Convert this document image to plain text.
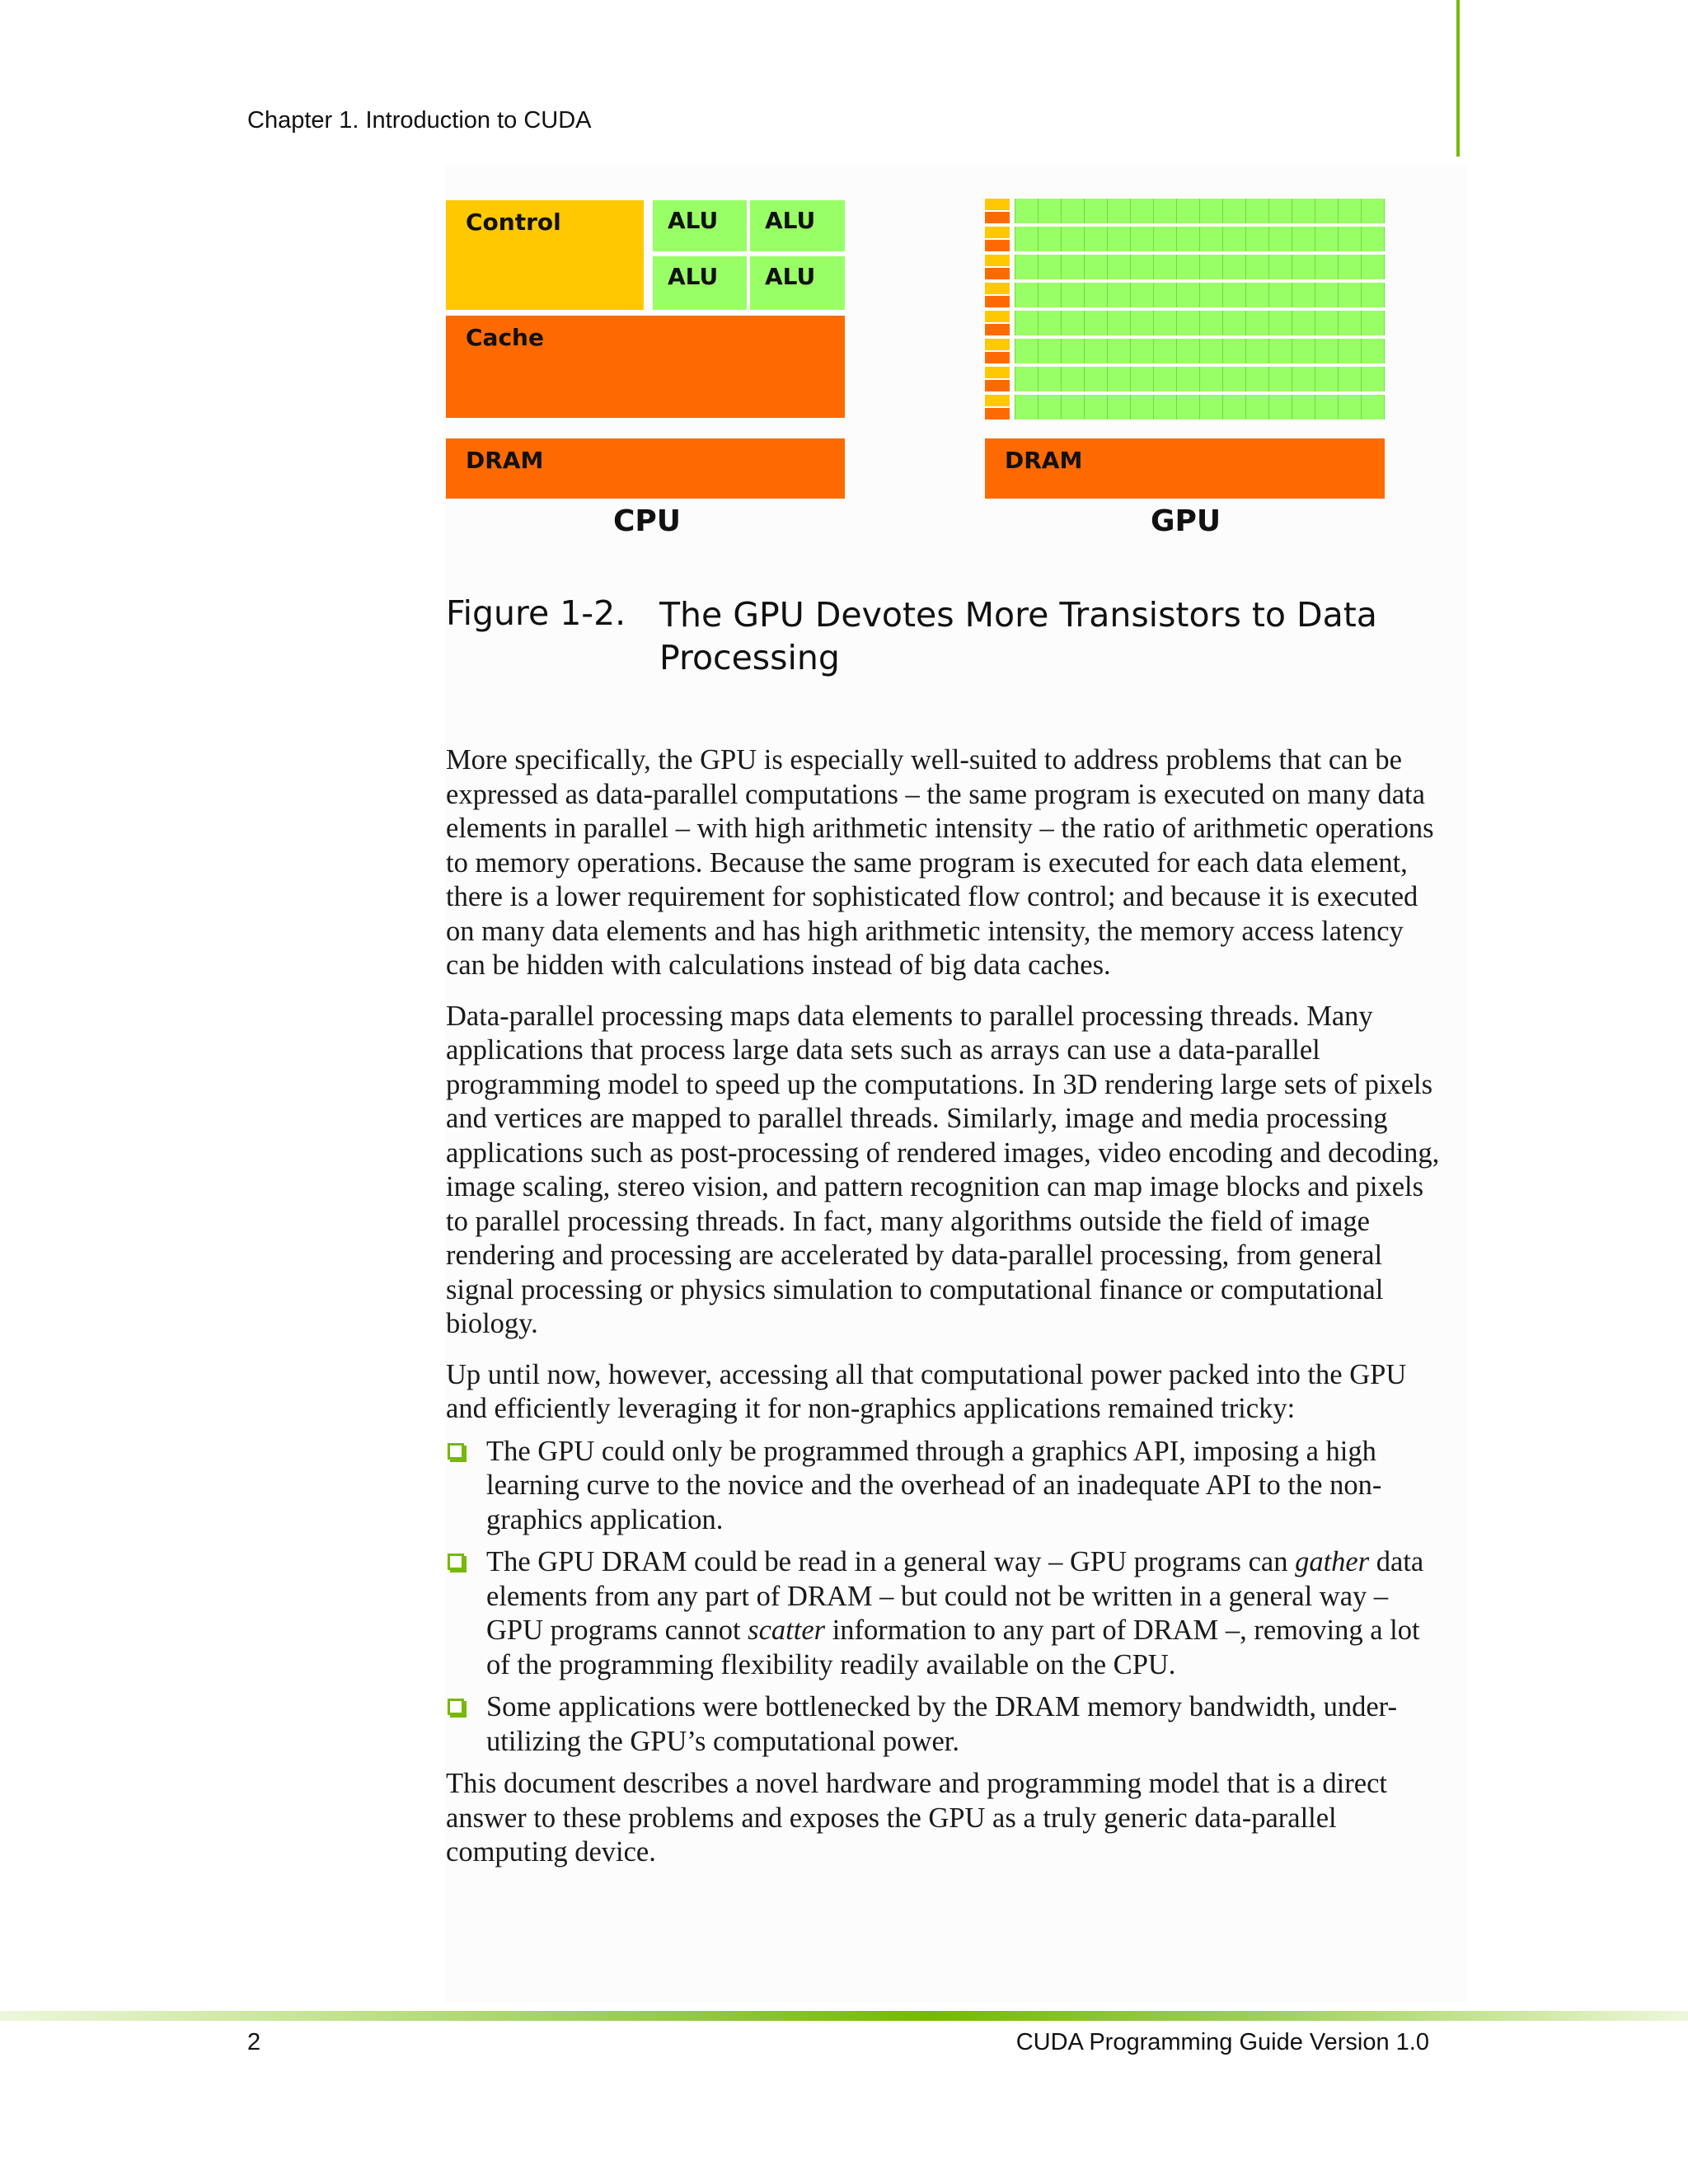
Chapter 1. Introduction to CUDA
Control	ALU ALU
ALU ALU
Cache
DRAM
CPU
DRAM
GPU
Figure 1-2. The GPU Devotes More Transistors to Data Processing

More specifically, the GPU is especially well-suited to address problems that can be expressed as data-parallel computations – the same program is executed on many data elements in parallel – with high arithmetic intensity – the ratio of arithmetic operations to memory operations. Because the same program is executed for each data element, there is a lower requirement for sophisticated flow control; and because it is executed on many data elements and has high arithmetic intensity, the memory access latency can be hidden with calculations instead of big data caches.

Data-parallel processing maps data elements to parallel processing threads. Many applications that process large data sets such as arrays can use a data-parallel programming model to speed up the computations. In 3D rendering large sets of pixels and vertices are mapped to parallel threads. Similarly, image and media processing applications such as post-processing of rendered images, video encoding and decoding, image scaling, stereo vision, and pattern recognition can map image blocks and pixels to parallel processing threads. In fact, many algorithms outside the field of image rendering and processing are accelerated by data-parallel processing, from general signal processing or physics simulation to computational finance or computational biology.

Up until now, however, accessing all that computational power packed into the GPU and efficiently leveraging it for non-graphics applications remained tricky:

The GPU could only be programmed through a graphics API, imposing a high learning curve to the novice and the overhead of an inadequate API to the non-graphics application.
The GPU DRAM could be read in a general way – GPU programs can gather data elements from any part of DRAM – but could not be written in a general way – GPU programs cannot scatter information to any part of DRAM –, removing a lot of the programming flexibility readily available on the CPU.
Some applications were bottlenecked by the DRAM memory bandwidth, under-utilizing the GPU’s computational power.

This document describes a novel hardware and programming model that is a direct answer to these problems and exposes the GPU as a truly generic data-parallel computing device.

2	CUDA Programming Guide Version 1.0
